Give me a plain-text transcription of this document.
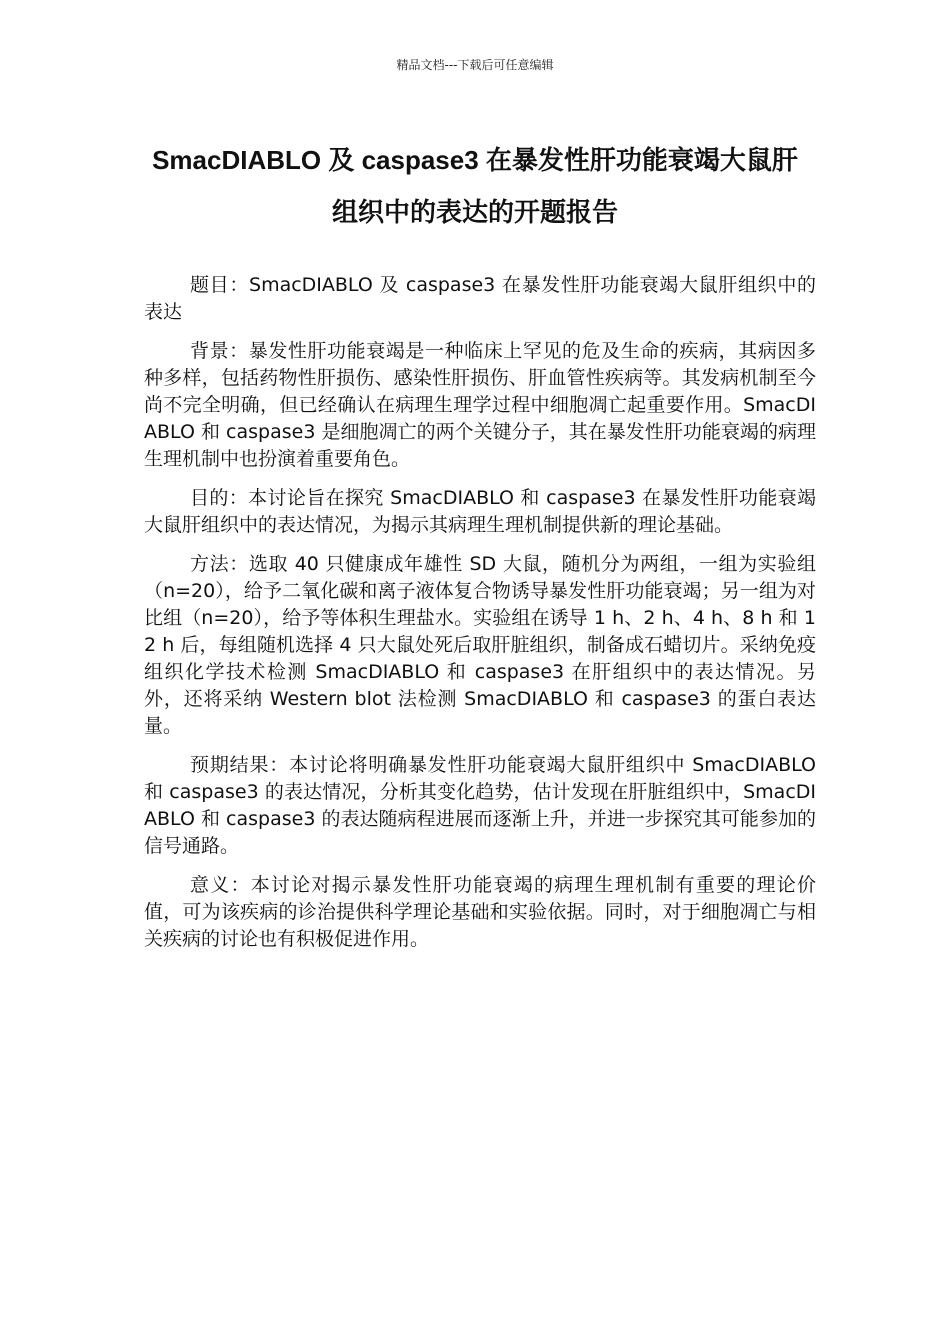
精品文档---下载后可任意编辑
SmacDIABLO 及 caspase3 在暴发性肝功能衰竭大鼠肝组织中的表达的开题报告

题目：SmacDIABLO 及 caspase3 在暴发性肝功能衰竭大鼠肝组织中的表达

背景：暴发性肝功能衰竭是一种临床上罕见的危及生命的疾病，其病因多种多样，包括药物性肝损伤、感染性肝损伤、肝血管性疾病等。其发病机制至今尚不完全明确，但已经确认在病理生理学过程中细胞凋亡起重要作用。SmacDIABLO 和 caspase3 是细胞凋亡的两个关键分子，其在暴发性肝功能衰竭的病理生理机制中也扮演着重要角色。

目的：本讨论旨在探究 SmacDIABLO 和 caspase3 在暴发性肝功能衰竭大鼠肝组织中的表达情况，为揭示其病理生理机制提供新的理论基础。

方法：选取 40 只健康成年雄性 SD 大鼠，随机分为两组，一组为实验组（n=20），给予二氧化碳和离子液体复合物诱导暴发性肝功能衰竭；另一组为对比组（n=20），给予等体积生理盐水。实验组在诱导 1 h、2 h、4 h、8 h 和 12 h 后，每组随机选择 4 只大鼠处死后取肝脏组织，制备成石蜡切片。采纳免疫组织化学技术检测 SmacDIABLO 和 caspase3 在肝组织中的表达情况。另外，还将采纳 Western blot 法检测 SmacDIABLO 和 caspase3 的蛋白表达量。

预期结果：本讨论将明确暴发性肝功能衰竭大鼠肝组织中 SmacDIABLO 和 caspase3 的表达情况，分析其变化趋势，估计发现在肝脏组织中，SmacDIABLO 和 caspase3 的表达随病程进展而逐渐上升，并进一步探究其可能参加的信号通路。

意义：本讨论对揭示暴发性肝功能衰竭的病理生理机制有重要的理论价值，可为该疾病的诊治提供科学理论基础和实验依据。同时，对于细胞凋亡与相关疾病的讨论也有积极促进作用。
